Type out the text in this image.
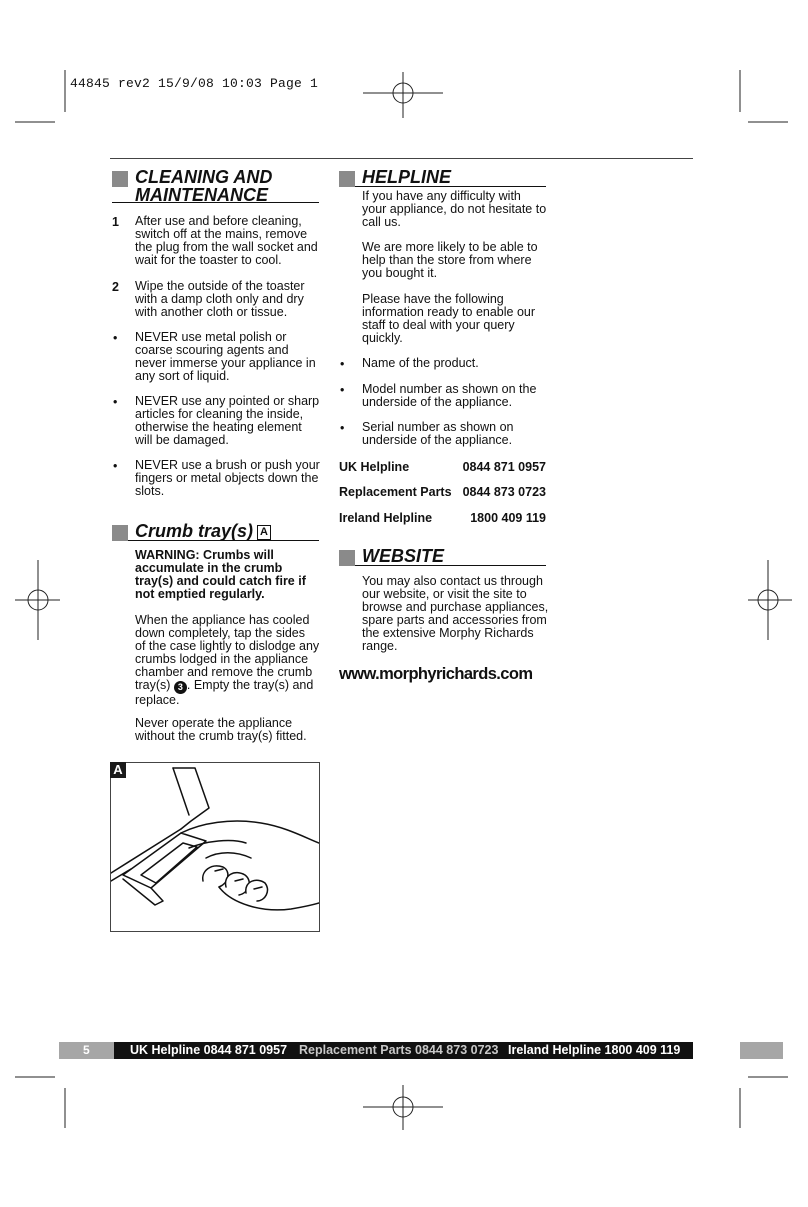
44845 rev2 15/9/08 10:03 Page 1
CLEANING AND
MAINTENANCE
1 After use and before cleaning,
switch off at the mains, remove
the plug from the wall socket and
wait for the toaster to cool.
2 Wipe the outside of the toaster
with a damp cloth only and dry
with another cloth or tissue.
• NEVER use metal polish or
coarse scouring agents and
never immerse your appliance in
any sort of liquid.
• NEVER use any pointed or sharp
articles for cleaning the inside,
otherwise the heating element
will be damaged.
• NEVER use a brush or push your
fingers or metal objects down the
slots.
Crumb tray(s) A
WARNING: Crumbs will
accumulate in the crumb
tray(s) and could catch fire if
not emptied regularly.
When the appliance has cooled
down completely, tap the sides
of the case lightly to dislodge any
crumbs lodged in the appliance
chamber and remove the crumb
tray(s) 3 . Empty the tray(s) and
replace.
Never operate the appliance
without the crumb tray(s) fitted.
A
HELPLINE
If you have any difficulty with
your appliance, do not hesitate to
call us.
We are more likely to be able to
help than the store from where
you bought it.
Please have the following
information ready to enable our
staff to deal with your query
quickly.
• Name of the product.
• Model number as shown on the
underside of the appliance.
• Serial number as shown on
underside of the appliance.
UK Helpline	0844 871 0957
Replacement Parts 0844 873 0723
Ireland Helpline	1800 409 119
WEBSITE
You may also contact us through
our website, or visit the site to
browse and purchase appliances,
spare parts and accessories from
the extensive Morphy Richards
range.
www.morphyrichards.com
5	UK Helpline 0844 871 0957 Replacement Parts 0844 873 0723 Ireland Helpline 1800 409 119
